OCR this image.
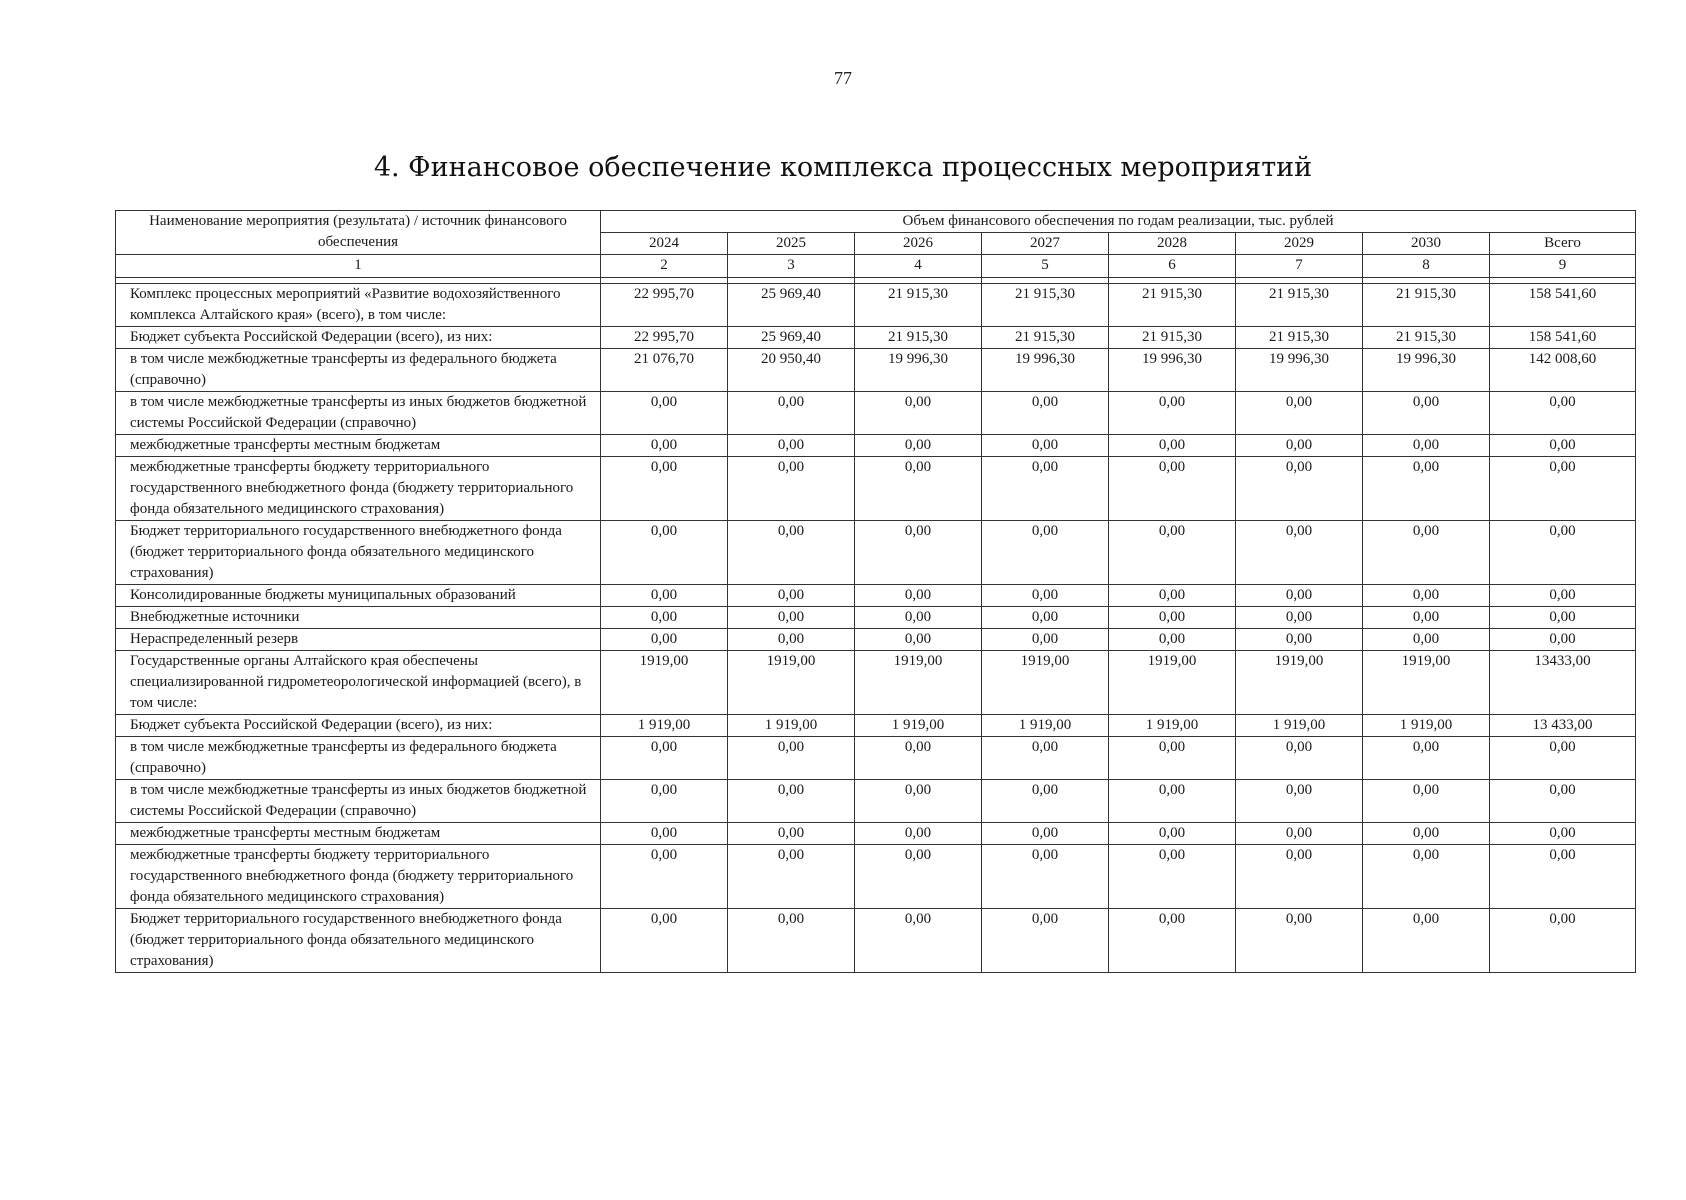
77
4. Финансовое обеспечение комплекса процессных мероприятий
Наименование мероприятия (результата) / источник финансового обеспечения	Объем финансового обеспечения по годам реализации, тыс. рублей							
	2024	2025	2026	2027	2028	2029	2030	Всего
1	2	3	4	5	6	7	8	9

Комплекс процессных мероприятий «Развитие водохозяйственного комплекса Алтайского края» (всего), в том числе:	22 995,70	25 969,40	21 915,30	21 915,30	21 915,30	21 915,30	21 915,30	158 541,60
Бюджет субъекта Российской Федерации (всего), из них:	22 995,70	25 969,40	21 915,30	21 915,30	21 915,30	21 915,30	21 915,30	158 541,60
в том числе межбюджетные трансферты из федерального бюджета (справочно)	21 076,70	20 950,40	19 996,30	19 996,30	19 996,30	19 996,30	19 996,30	142 008,60
в том числе межбюджетные трансферты из иных бюджетов бюджетной системы Российской Федерации (справочно)	0,00	0,00	0,00	0,00	0,00	0,00	0,00	0,00
межбюджетные трансферты местным бюджетам	0,00	0,00	0,00	0,00	0,00	0,00	0,00	0,00
межбюджетные трансферты бюджету территориального государственного внебюджетного фонда (бюджету территориального фонда обязательного медицинского страхования)	0,00	0,00	0,00	0,00	0,00	0,00	0,00	0,00
Бюджет территориального государственного внебюджетного фонда (бюджет территориального фонда обязательного медицинского страхования)	0,00	0,00	0,00	0,00	0,00	0,00	0,00	0,00
Консолидированные бюджеты муниципальных образований	0,00	0,00	0,00	0,00	0,00	0,00	0,00	0,00
Внебюджетные источники	0,00	0,00	0,00	0,00	0,00	0,00	0,00	0,00
Нераспределенный резерв	0,00	0,00	0,00	0,00	0,00	0,00	0,00	0,00
Государственные органы Алтайского края обеспечены специализированной гидрометеорологической информацией (всего), в том числе:	1919,00	1919,00	1919,00	1919,00	1919,00	1919,00	1919,00	13433,00
Бюджет субъекта Российской Федерации (всего), из них:	1 919,00	1 919,00	1 919,00	1 919,00	1 919,00	1 919,00	1 919,00	13 433,00
в том числе межбюджетные трансферты из федерального бюджета (справочно)	0,00	0,00	0,00	0,00	0,00	0,00	0,00	0,00
в том числе межбюджетные трансферты из иных бюджетов бюджетной системы Российской Федерации (справочно)	0,00	0,00	0,00	0,00	0,00	0,00	0,00	0,00
межбюджетные трансферты местным бюджетам	0,00	0,00	0,00	0,00	0,00	0,00	0,00	0,00
межбюджетные трансферты бюджету территориального государственного внебюджетного фонда (бюджету территориального фонда обязательного медицинского страхования)	0,00	0,00	0,00	0,00	0,00	0,00	0,00	0,00
Бюджет территориального государственного внебюджетного фонда (бюджет территориального фонда обязательного медицинского страхования)	0,00	0,00	0,00	0,00	0,00	0,00	0,00	0,00
